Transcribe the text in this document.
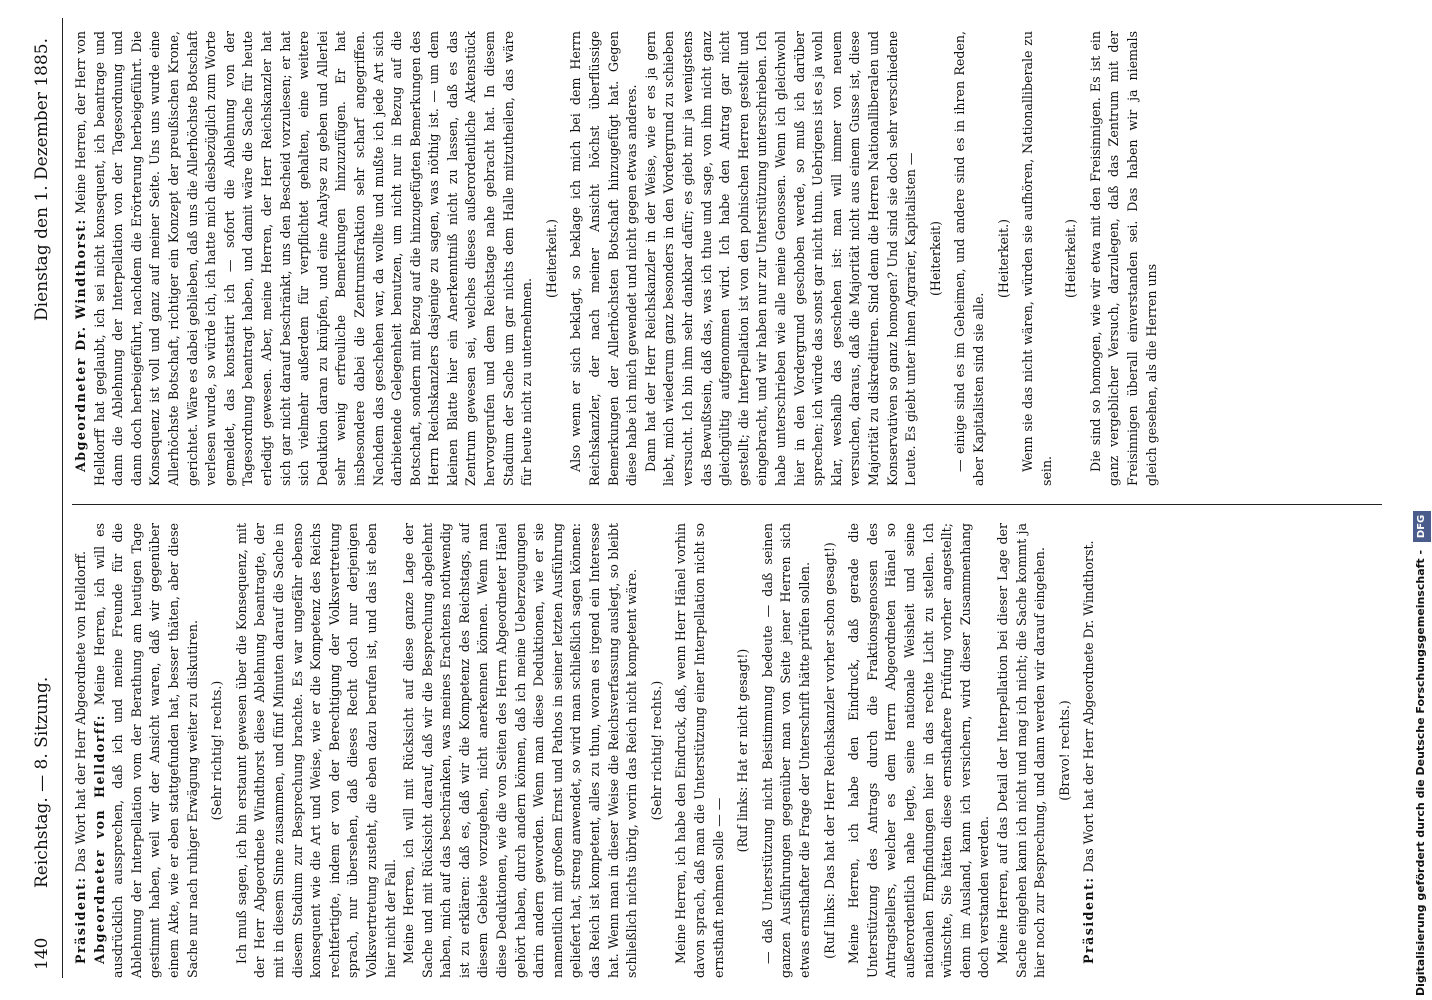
140
Reichstag. — 8. Sitzung.
Dienstag den 1. Dezember 1885.

Präsident: Das Wort hat der Herr Abgeordnete von Helldorff. Abgeordneter von Helldorff: Meine Herren, ich will es ausdrücklich aussprechen, daß ich und meine Freunde für die Ablehnung der Interpellation vom der Berathung am heutigen Tage gestimmt haben, weil wir der Ansicht waren, daß wir gegenüber einem Akte, wie er eben stattgefunden hat, besser thäten, aber diese Sache nur nach ruhiger Erwägung weiter zu diskutiren. (Sehr richtig! rechts.) Ich muß sagen, ich bin erstaunt gewesen über die Konsequenz, mit der Herr Abgeordnete Windthorst diese Ablehnung beantragte, der mit in diesem Sinne zusammen, und fünf Minuten darauf die Sache in diesem Stadium zur Besprechung brachte. Es war ungefähr ebenso konsequent wie die Art und Weise, wie er die Kompetenz des Reichs rechtfertigte, indem er von der Berechtigung der Volksvertretung sprach, nur übersehen, daß dieses Recht doch nur derjenigen Volksvertretung zusteht, die eben dazu berufen ist, und das ist eben hier nicht der Fall. Meine Herren, ich will mit Rücksicht auf diese ganze Lage der Sache und mit Rücksicht darauf, daß wir die Besprechung abgelehnt haben, mich auf das beschränken, was meines Erachtens nothwendig ist zu erklären: daß es, daß wir die Kompetenz des Reichstags, auf diesem Gebiete vorzugehen, nicht anerkennen können. Wenn man diese Deduktionen, wie die von Seiten des Herrn Abgeordneter Hänel gehört haben, durch andern können, daß ich meine Ueberzeugungen darin andern geworden. Wenn man diese Deduktionen, wie er sie namentlich mit großem Ernst und Pathos in seiner letzten Ausführung geliefert hat, streng anwendet, so wird man schließlich sagen können: das Reich ist kompetent, alles zu thun, woran es irgend ein Interesse hat. Wenn man in dieser Weise die Reichsverfassung auslegt, so bleibt schließlich nichts übrig, worin das Reich nicht kompetent wäre. (Sehr richtig! rechts.) Meine Herren, ich habe den Eindruck, daß, wenn Herr Hänel vorhin davon sprach, daß man die Unterstützung einer Interpellation nicht so ernsthaft nehmen solle — —

(Ruf links: Hat er nicht gesagt!) — daß Unterstützung nicht Beistimmung bedeute — daß seinen ganzen Ausführungen gegenüber man von Seite jener Herren sich etwas ernsthafter die Frage der Unterschrift hätte prüfen sollen. (Ruf links: Das hat der Herr Reichskanzler vorher schon gesagt!) Meine Herren, ich habe den Eindruck, daß gerade die Unterstützung des Antrags durch die Fraktionsgenossen des Antragstellers, welcher es dem Herrn Abgeordneten Hänel so außerordentlich nahe legte, seine nationale Weisheit und seine nationalen Empfindungen hier in das rechte Licht zu stellen. Ich wünschte, Sie hätten diese ernsthaftere Prüfung vorher angestellt; denn im Ausland, kann ich versichern, wird dieser Zusammenhang doch verstanden werden. Meine Herren, auf das Detail der Interpellation bei dieser Lage der Sache eingehen kann ich nicht und mag ich nicht; die Sache kommt ja hier noch zur Besprechung, und dann werden wir darauf eingehen. (Bravo! rechts.)

Präsident: Das Wort hat der Herr Abgeordnete Dr. Windthorst.

Abgeordneter Dr. Windthorst: Meine Herren, der Herr von Helldorff hat geglaubt, ich sei nicht konsequent, ich beantrage und dann die Ablehnung der Interpellation von der Tagesordnung und dann doch herbeigeführt, nachdem die Erörterung herbeigeführt. Die Konsequenz ist voll und ganz auf meiner Seite. Uns uns wurde eine Allerhöchste Botschaft, richtiger ein Konzept der preußischen Krone, gerichtet. Wäre es dabei geblieben, daß uns die Allerhöchste Botschaft verlesen wurde, so würde ich, ich hatte mich diesbezüglich zum Worte gemeldet, das konstatirt ich — sofort die Ablehnung von der Tagesordnung beantragt haben, und damit wäre die Sache für heute erledigt gewesen. Aber, meine Herren, der Herr Reichskanzler hat sich gar nicht darauf beschränkt, uns den Bescheid vorzulesen; er hat sich vielmehr außerdem für verpflichtet gehalten, eine weitere Deduktion daran zu knüpfen, und eine Analyse zu geben und Allerlei sehr wenig erfreuliche Bemerkungen hinzuzufügen. Er hat insbesondere dabei die Zentrumsfraktion sehr scharf angegriffen. Nachdem das geschehen war, da wollte und mußte ich jede Art sich darbietende Gelegenheit benutzen, um nicht nur in Bezug auf die Botschaft, sondern mit Bezug auf die hinzugefügten Bemerkungen des Herrn Reichskanzlers dasjenige zu sagen, was nöthig ist. — um dem kleinen Blatte hier ein Anerkenntniß nicht zu lassen, daß es das Zentrum gewesen sei, welches dieses außerordentliche Aktenstück hervorgerufen und dem Reichstage nahe gebracht hat. In diesem Stadium der Sache um gar nichts dem Halle mitzutheilen, das wäre für heute nicht zu unternehmen.

(Heiterkeit.) Also wenn er sich beklagt, so beklage ich mich bei dem Herrn Reichskanzler, der nach meiner Ansicht höchst überflüssige Bemerkungen der Allerhöchsten Botschaft hinzugefügt hat. Gegen diese habe ich mich gewendet und nicht gegen etwas anderes. Dann hat der Herr Reichskanzler in der Weise, wie er es ja gern liebt, mich wiederum ganz besonders in den Vordergrund zu schieben versucht. Ich bin ihm sehr dankbar dafür; es giebt mir ja wenigstens das Bewußtsein, daß das, was ich thue und sage, von ihm nicht ganz gleichgültig aufgenommen wird. Ich habe den Antrag gar nicht gestellt; die Interpellation ist von den polnischen Herren gestellt und eingebracht, und wir haben nur zur Unterstützung unterschrieben. Ich habe unterschrieben wie alle meine Genossen. Wenn ich gleichwohl hier in den Vordergrund geschoben werde, so muß ich darüber sprechen; ich würde das sonst gar nicht thun. Uebrigens ist es ja wohl klar, weshalb das geschehen ist: man will immer von neuem versuchen, daraus, daß die Majorität nicht aus einem Gusse ist, diese Majorität zu diskreditiren. Sind denn die Herren Nationalliberalen und Konservativen so ganz homogen? Und sind sie doch sehr verschiedene Leute. Es giebt unter ihnen Agrarier, Kapitalisten — (Heiterkeit) — einige sind es im Geheimen, und andere sind es in ihren Reden, aber Kapitalisten sind sie alle.

(Heiterkeit.) Wenn sie das nicht wären, würden sie aufhören, Nationalliberale zu sein.

(Heiterkeit.) Die sind so homogen, wie wir etwa mit den Freisinnigen. Es ist ein ganz vergeblicher Versuch, darzulegen, daß das Zentrum mit der Freisinnigen überall einverstanden sei. Das haben wir ja niemals gleich gesehen, als die Herren uns

Digitalisierung gefördert durch die Deutsche Forschungsgemeinschaft - DFG
